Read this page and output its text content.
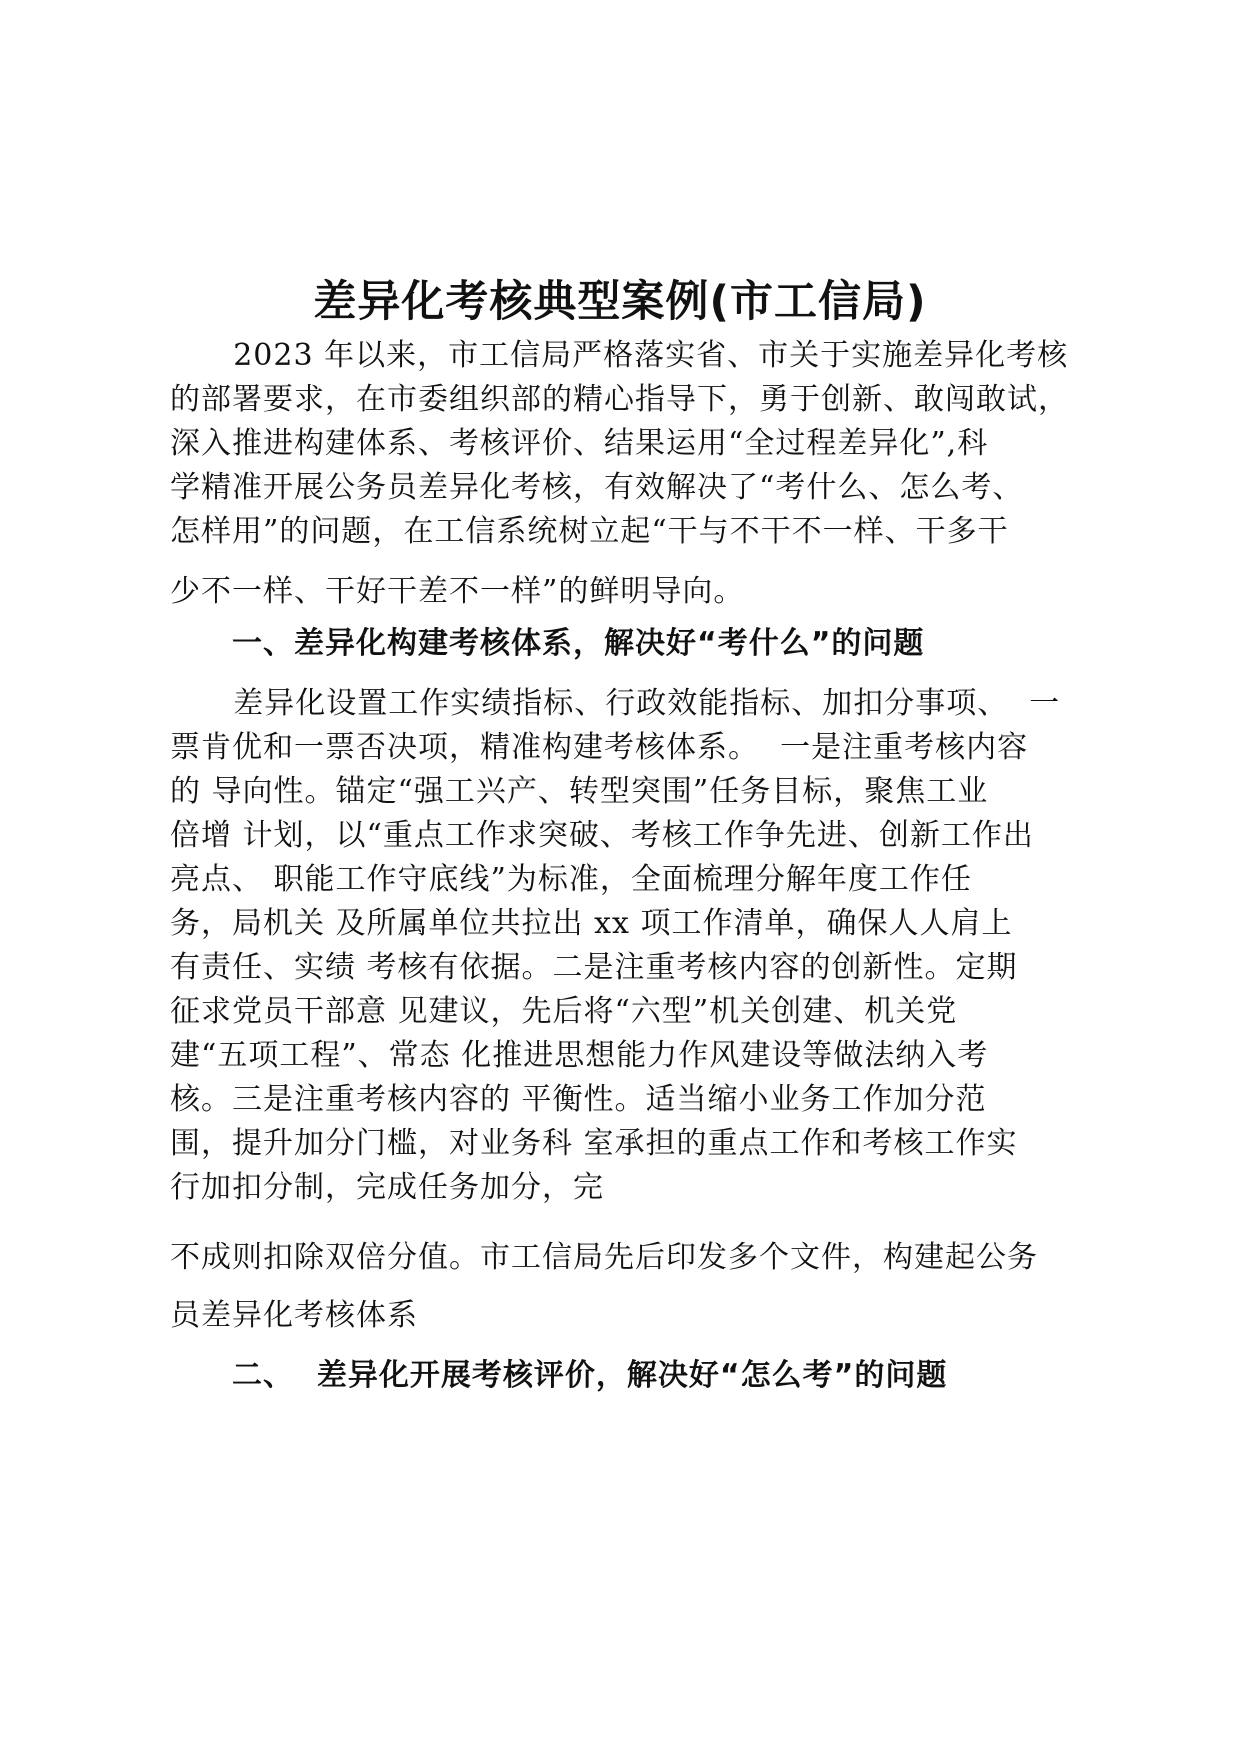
差异化考核典型案例(市工信局)
2023 年以来，市工信局严格落实省、市关于实施差异化考核
的部署要求，在市委组织部的精心指导下，勇于创新、敢闯敢试，
深入推进构建体系、考核评价、结果运用“全过程差异化”,科
学精准开展公务员差异化考核，有效解决了“考什么、怎么考、
怎样用”的问题，在工信系统树立起“干与不干不一样、干多干
少不一样、干好干差不一样”的鲜明导向。
一、差异化构建考核体系，解决好“考什么”的问题
差异化设置工作实绩指标、行政效能指标、加扣分事项、  一
票肯优和一票否决项，精准构建考核体系。  一是注重考核内容
的 导向性。锚定“强工兴产、转型突围”任务目标，聚焦工业
倍增 计划，以“重点工作求突破、考核工作争先进、创新工作出
亮点、 职能工作守底线”为标准，全面梳理分解年度工作任
务，局机关 及所属单位共拉出 xx 项工作清单，确保人人肩上
有责任、实绩 考核有依据。二是注重考核内容的创新性。定期
征求党员干部意 见建议，先后将“六型”机关创建、机关党
建“五项工程”、常态 化推进思想能力作风建设等做法纳入考
核。三是注重考核内容的 平衡性。适当缩小业务工作加分范
围，提升加分门槛，对业务科 室承担的重点工作和考核工作实
行加扣分制，完成任务加分，完
不成则扣除双倍分值。市工信局先后印发多个文件，构建起公务
员差异化考核体系
二、  差异化开展考核评价，解决好“怎么考”的问题
